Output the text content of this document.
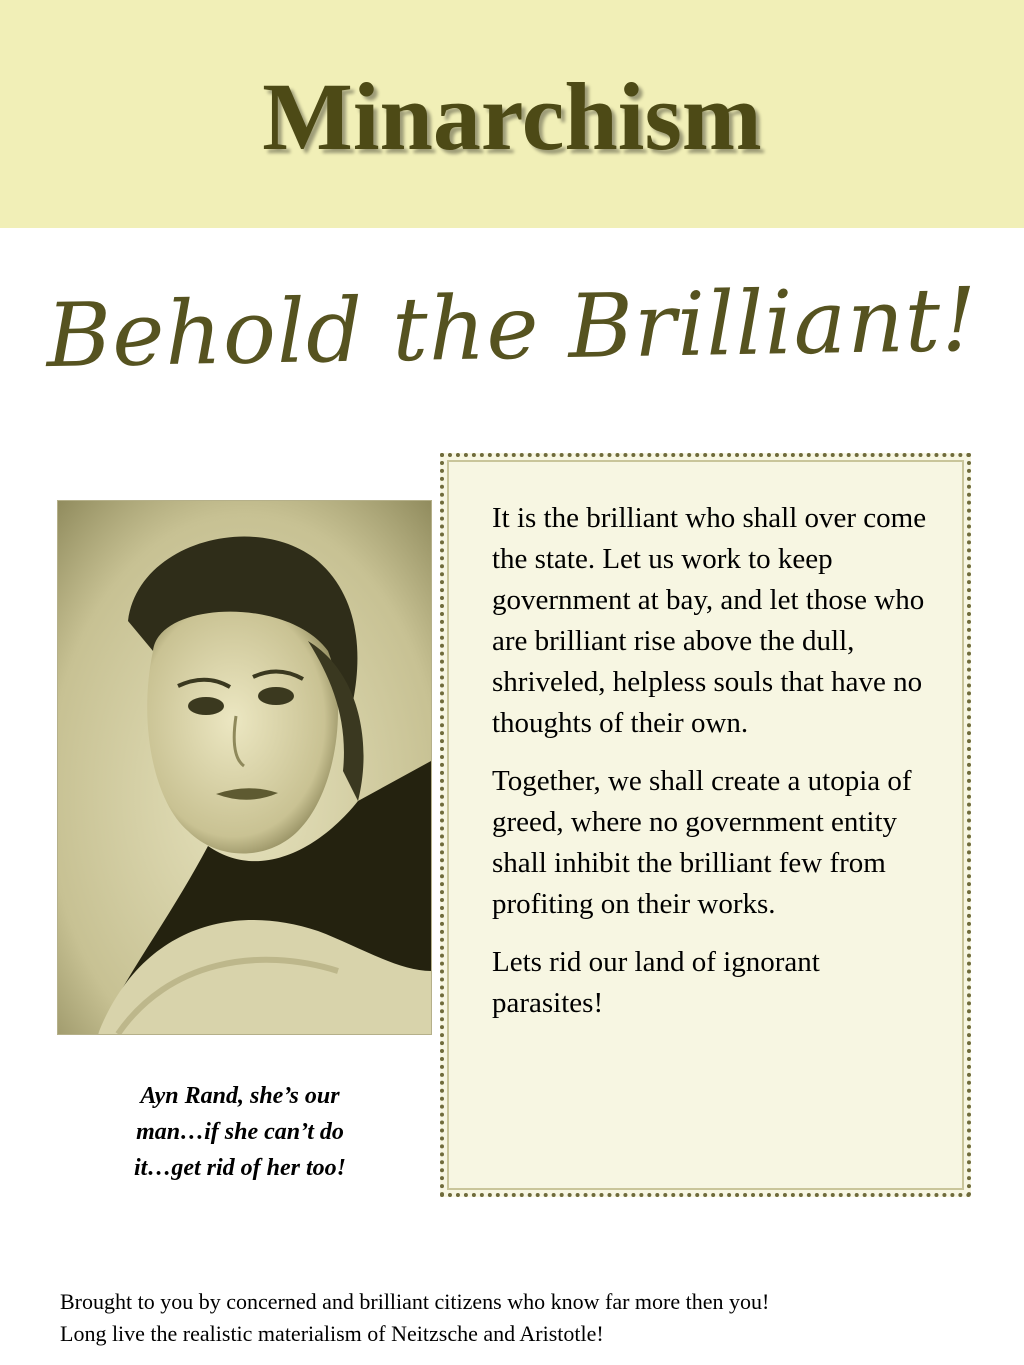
Minarchism
Behold the Brilliant!
Ayn Rand, she’s our
man…if she can’t do
it…get rid of her too!

It is the brilliant who shall over come the state. Let us work to keep government at bay, and let those who are brilliant rise above the dull, shriveled, helpless souls that have no thoughts of their own.

Together, we shall create a utopia of greed, where no government entity shall inhibit the brilliant few from profiting on their works.

Lets rid our land of ignorant parasites!

Brought to you by concerned and brilliant citizens who know far more then you!
Long live the realistic materialism of Neitzsche and Aristotle!
